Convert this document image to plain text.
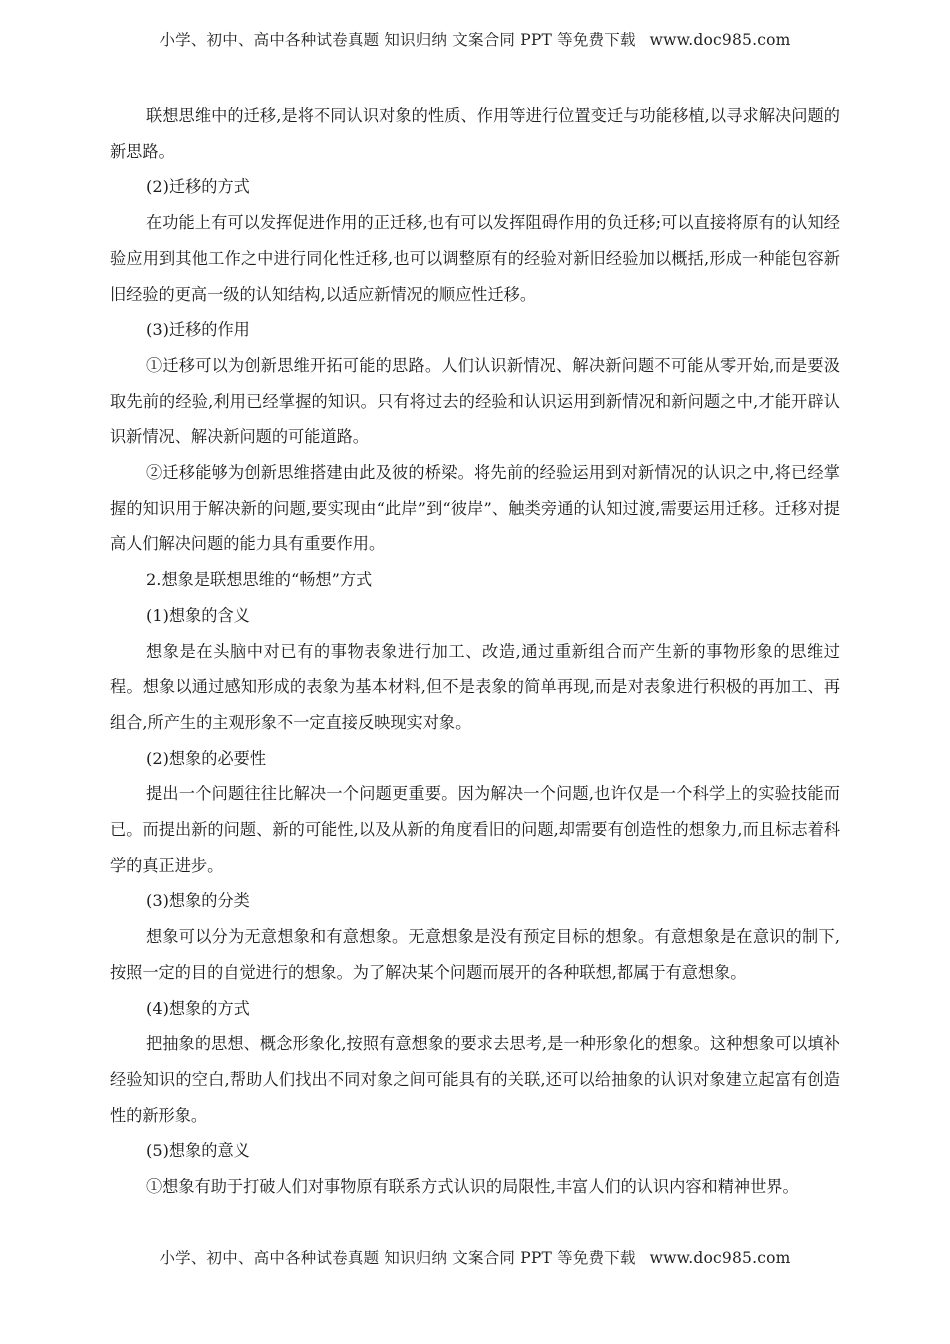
小学、初中、高中各种试卷真题 知识归纳 文案合同 PPT 等免费下载 www.doc985.com

联想思维中的迁移,是将不同认识对象的性质、作用等进行位置变迁与功能移植,以寻求解决问题的新思路。

(2)迁移的方式

在功能上有可以发挥促进作用的正迁移,也有可以发挥阻碍作用的负迁移;可以直接将原有的认知经验应用到其他工作之中进行同化性迁移,也可以调整原有的经验对新旧经验加以概括,形成一种能包容新旧经验的更高一级的认知结构,以适应新情况的顺应性迁移。

(3)迁移的作用

①迁移可以为创新思维开拓可能的思路。人们认识新情况、解决新问题不可能从零开始,而是要汲取先前的经验,利用已经掌握的知识。只有将过去的经验和认识运用到新情况和新问题之中,才能开辟认识新情况、解决新问题的可能道路。

②迁移能够为创新思维搭建由此及彼的桥梁。将先前的经验运用到对新情况的认识之中,将已经掌握的知识用于解决新的问题,要实现由“此岸”到“彼岸”、触类旁通的认知过渡,需要运用迁移。迁移对提高人们解决问题的能力具有重要作用。

2.想象是联想思维的“畅想”方式

(1)想象的含义

想象是在头脑中对已有的事物表象进行加工、改造,通过重新组合而产生新的事物形象的思维过程。想象以通过感知形成的表象为基本材料,但不是表象的简单再现,而是对表象进行积极的再加工、再组合,所产生的主观形象不一定直接反映现实对象。

(2)想象的必要性

提出一个问题往往比解决一个问题更重要。因为解决一个问题,也许仅是一个科学上的实验技能而已。而提出新的问题、新的可能性,以及从新的角度看旧的问题,却需要有创造性的想象力,而且标志着科学的真正进步。

(3)想象的分类

想象可以分为无意想象和有意想象。无意想象是没有预定目标的想象。有意想象是在意识的制下,按照一定的目的自觉进行的想象。为了解决某个问题而展开的各种联想,都属于有意想象。

(4)想象的方式

把抽象的思想、概念形象化,按照有意想象的要求去思考,是一种形象化的想象。这种想象可以填补经验知识的空白,帮助人们找出不同对象之间可能具有的关联,还可以给抽象的认识对象建立起富有创造性的新形象。

(5)想象的意义

①想象有助于打破人们对事物原有联系方式认识的局限性,丰富人们的认识内容和精神世界。

小学、初中、高中各种试卷真题 知识归纳 文案合同 PPT 等免费下载 www.doc985.com
